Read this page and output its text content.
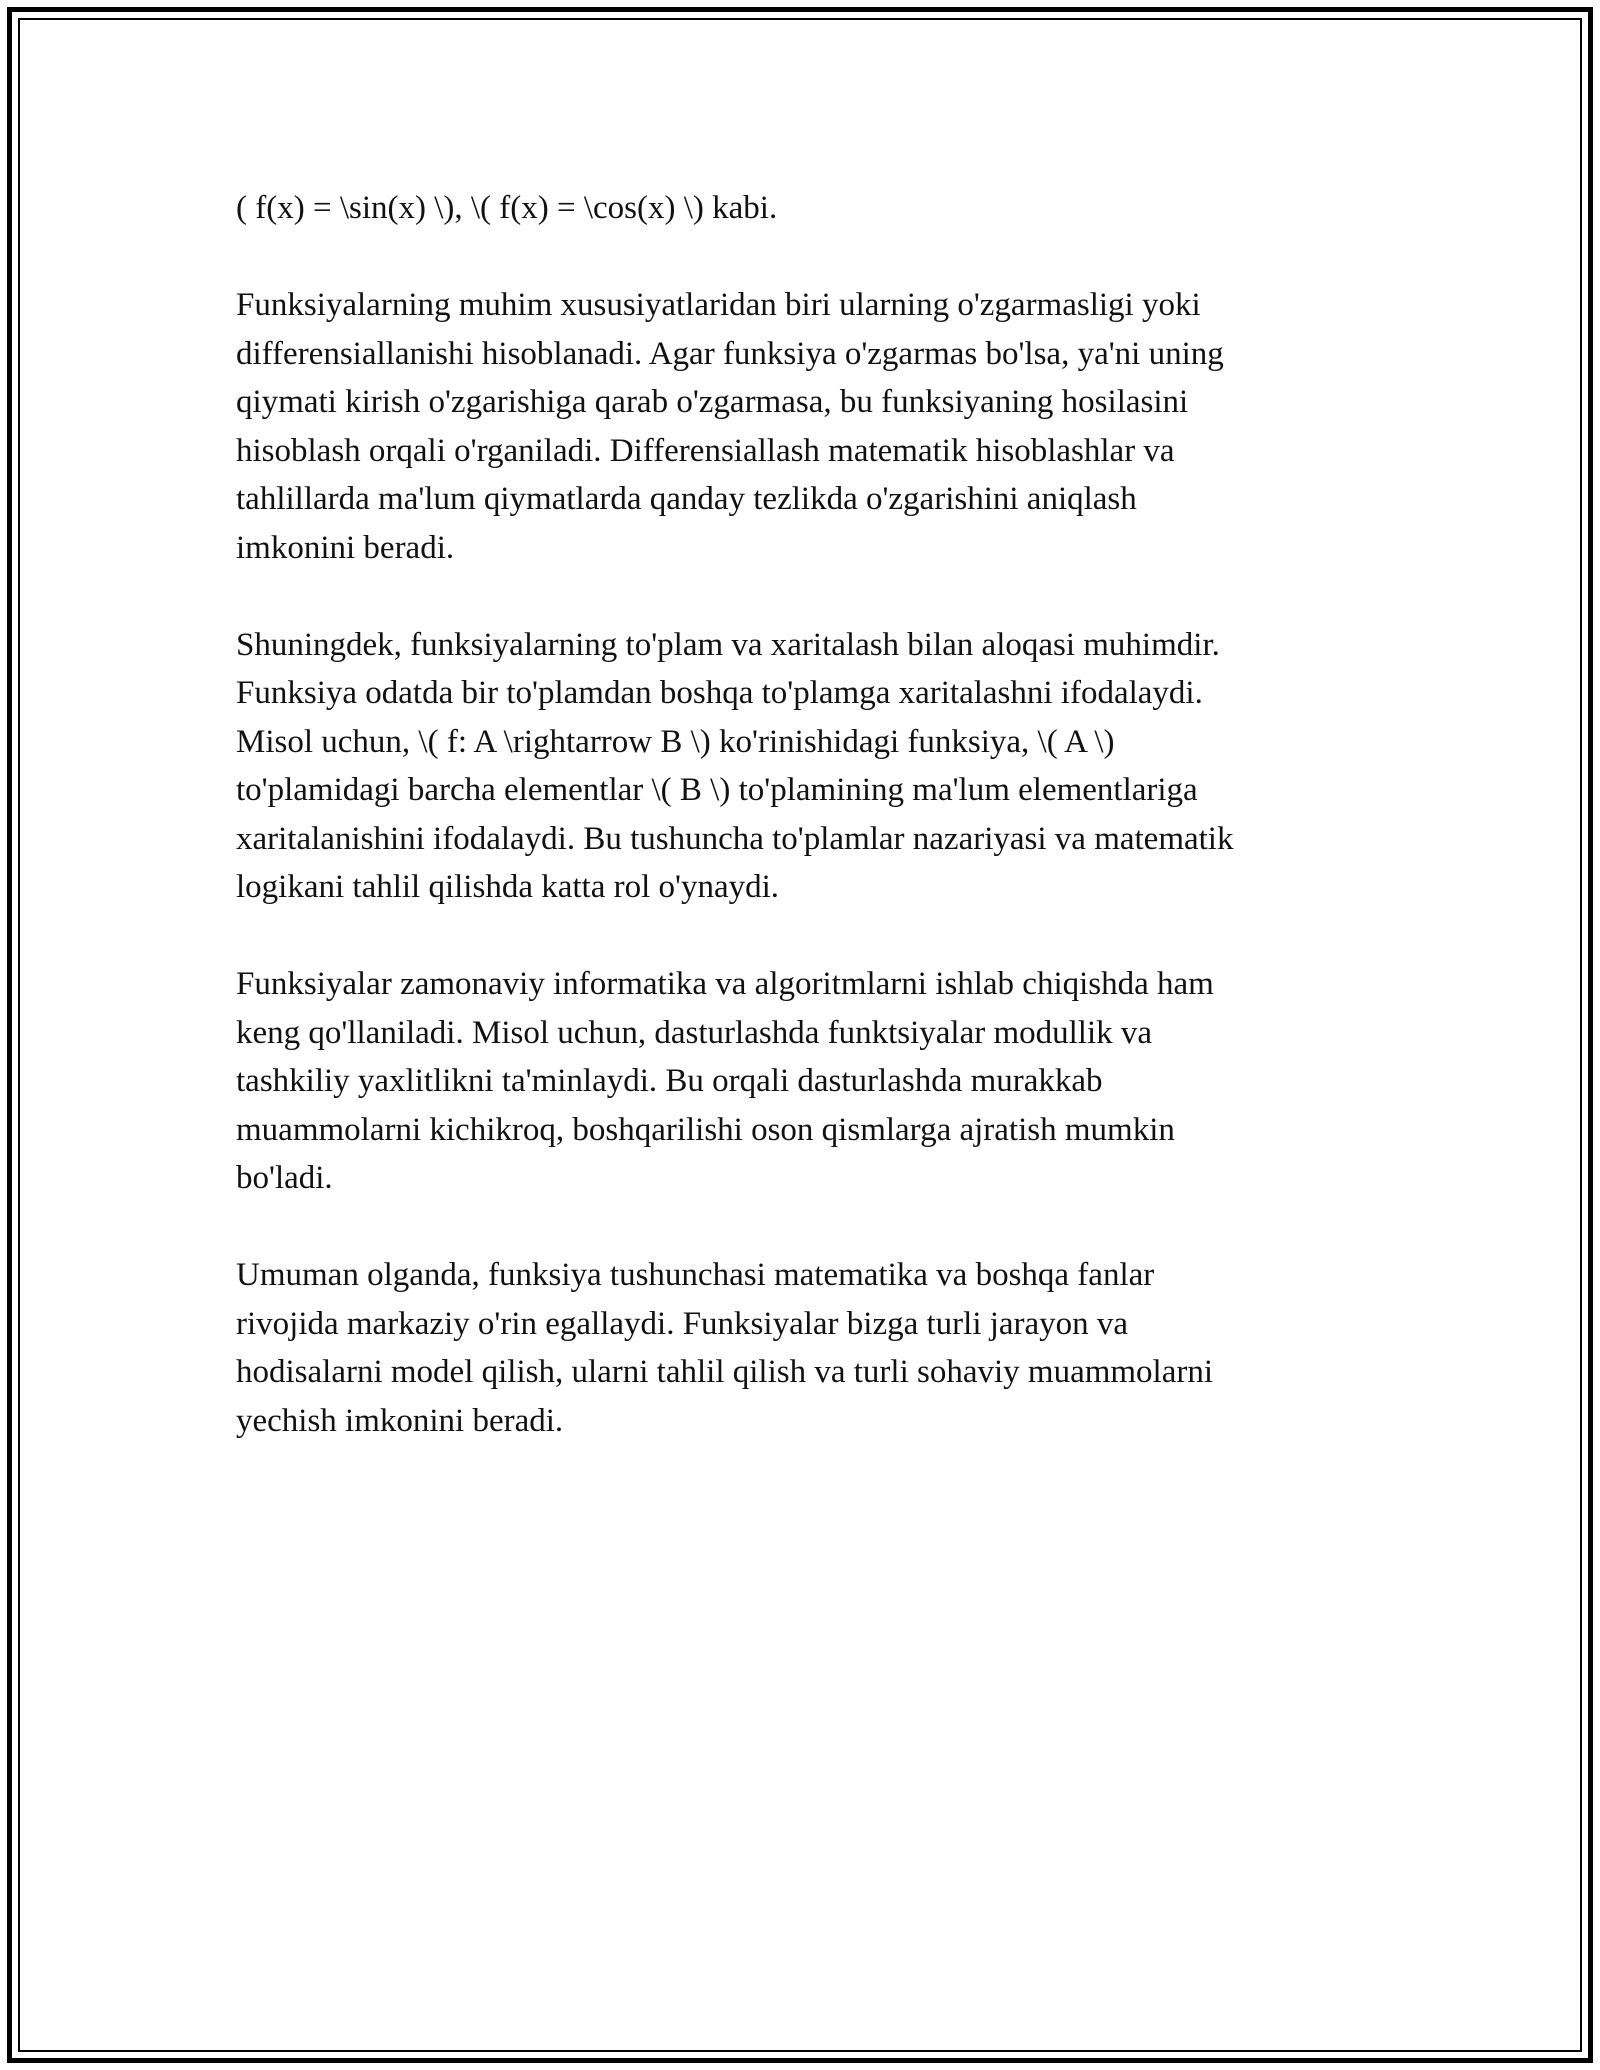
( f(x) = \sin(x) \), \( f(x) = \cos(x) \) kabi.

Funksiyalarning muhim xususiyatlaridan biri ularning o'zgarmasligi yoki
differensiallanishi hisoblanadi. Agar funksiya o'zgarmas bo'lsa, ya'ni uning
qiymati kirish o'zgarishiga qarab o'zgarmasa, bu funksiyaning hosilasini
hisoblash orqali o'rganiladi. Differensiallash matematik hisoblashlar va
tahlillarda ma'lum qiymatlarda qanday tezlikda o'zgarishini aniqlash
imkonini beradi.

Shuningdek, funksiyalarning to'plam va xaritalash bilan aloqasi muhimdir.
Funksiya odatda bir to'plamdan boshqa to'plamga xaritalashni ifodalaydi.
Misol uchun, \( f: A \rightarrow B \) ko'rinishidagi funksiya, \( A \)
to'plamidagi barcha elementlar \( B \) to'plamining ma'lum elementlariga
xaritalanishini ifodalaydi. Bu tushuncha to'plamlar nazariyasi va matematik
logikani tahlil qilishda katta rol o'ynaydi.

Funksiyalar zamonaviy informatika va algoritmlarni ishlab chiqishda ham
keng qo'llaniladi. Misol uchun, dasturlashda funktsiyalar modullik va
tashkiliy yaxlitlikni ta'minlaydi. Bu orqali dasturlashda murakkab
muammolarni kichikroq, boshqarilishi oson qismlarga ajratish mumkin
bo'ladi.

Umuman olganda, funksiya tushunchasi matematika va boshqa fanlar
rivojida markaziy o'rin egallaydi. Funksiyalar bizga turli jarayon va
hodisalarni model qilish, ularni tahlil qilish va turli sohaviy muammolarni
yechish imkonini beradi.
